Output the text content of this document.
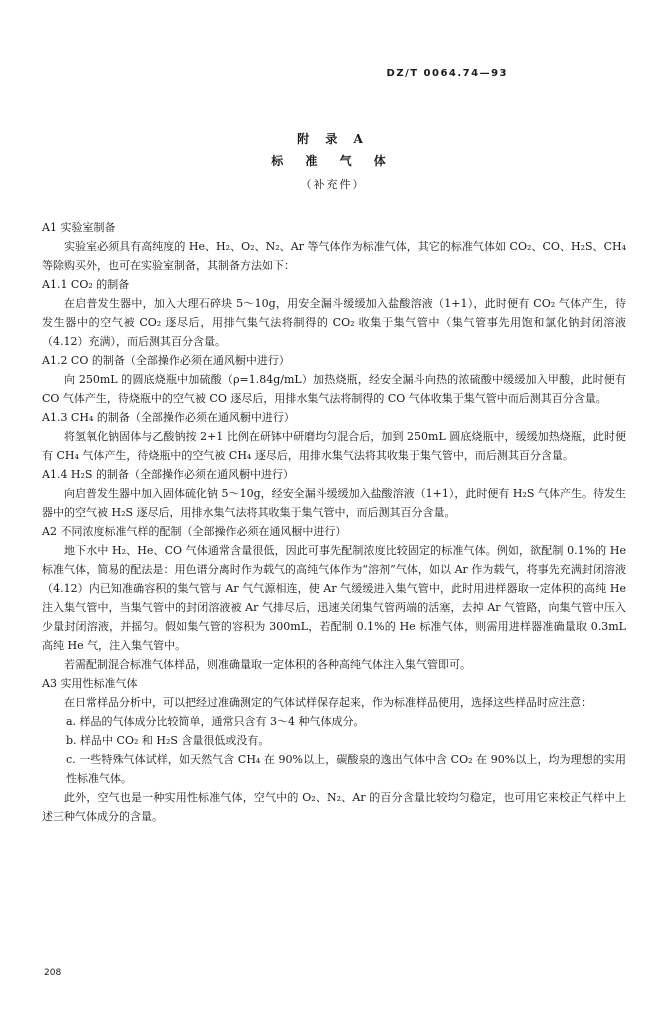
DZ/T 0064.74—93
附 录 A
标 准 气 体
（补充件）

A1 实验室制备

实验室必须具有高纯度的 He、H₂、O₂、N₂、Ar 等气体作为标准气体，其它的标准气体如 CO₂、CO、H₂S、CH₄ 等除购买外，也可在实验室制备，其制备方法如下：

A1.1 CO₂ 的制备

在启普发生器中，加入大理石碎块 5～10g，用安全漏斗缓缓加入盐酸溶液（1+1），此时便有 CO₂ 气体产生，待发生器中的空气被 CO₂ 逐尽后，用排气集气法将制得的 CO₂ 收集于集气管中（集气管事先用饱和氯化钠封闭溶液（4.12）充满），而后测其百分含量。

A1.2 CO 的制备（全部操作必须在通风橱中进行）

向 250mL 的圆底烧瓶中加硫酸（ρ=1.84g/mL）加热烧瓶，经安全漏斗向热的浓硫酸中缓缓加入甲酸，此时便有 CO 气体产生，待烧瓶中的空气被 CO 逐尽后，用排水集气法将制得的 CO 气体收集于集气管中而后测其百分含量。

A1.3 CH₄ 的制备（全部操作必须在通风橱中进行）

将氢氧化钠固体与乙酸钠按 2+1 比例在研钵中研磨均匀混合后，加到 250mL 圆底烧瓶中，缓缓加热烧瓶，此时便有 CH₄ 气体产生，待烧瓶中的空气被 CH₄ 逐尽后，用排水集气法将其收集于集气管中，而后测其百分含量。

A1.4 H₂S 的制备（全部操作必须在通风橱中进行）

向启普发生器中加入固体硫化钠 5～10g，经安全漏斗缓缓加入盐酸溶液（1+1），此时便有 H₂S 气体产生。待发生器中的空气被 H₂S 逐尽后，用排水集气法将其收集于集气管中，而后测其百分含量。

A2 不同浓度标准气样的配制（全部操作必须在通风橱中进行）

地下水中 H₂、He、CO 气体通常含量很低，因此可事先配制浓度比较固定的标准气体。例如，欲配制 0.1%的 He 标准气体，简易的配法是：用色谱分离时作为载气的高纯气体作为“溶剂”气体，如以 Ar 作为载气，将事先充满封闭溶液（4.12）内已知准确容积的集气管与 Ar 气气源相连，使 Ar 气缓缓进入集气管中，此时用进样器取一定体积的高纯 He 注入集气管中，当集气管中的封闭溶液被 Ar 气排尽后，迅速关闭集气管两端的活塞，去掉 Ar 气管路，向集气管中压入少量封闭溶液，并摇匀。假如集气管的容积为 300mL，若配制 0.1%的 He 标准气体，则需用进样器准确量取 0.3mL 高纯 He 气，注入集气管中。

若需配制混合标准气体样品，则准确量取一定体积的各种高纯气体注入集气管即可。

A3 实用性标准气体

在日常样品分析中，可以把经过准确测定的气体试样保存起来，作为标准样品使用，选择这些样品时应注意：

a. 样品的气体成分比较简单，通常只含有 3～4 种气体成分。

b. 样品中 CO₂ 和 H₂S 含量很低或没有。

c. 一些特殊气体试样，如天然气含 CH₄ 在 90%以上，碳酸泉的逸出气体中含 CO₂ 在 90%以上，均为理想的实用性标准气体。

此外，空气也是一种实用性标准气体，空气中的 O₂、N₂、Ar 的百分含量比较均匀稳定，也可用它来校正气样中上述三种气体成分的含量。

208
